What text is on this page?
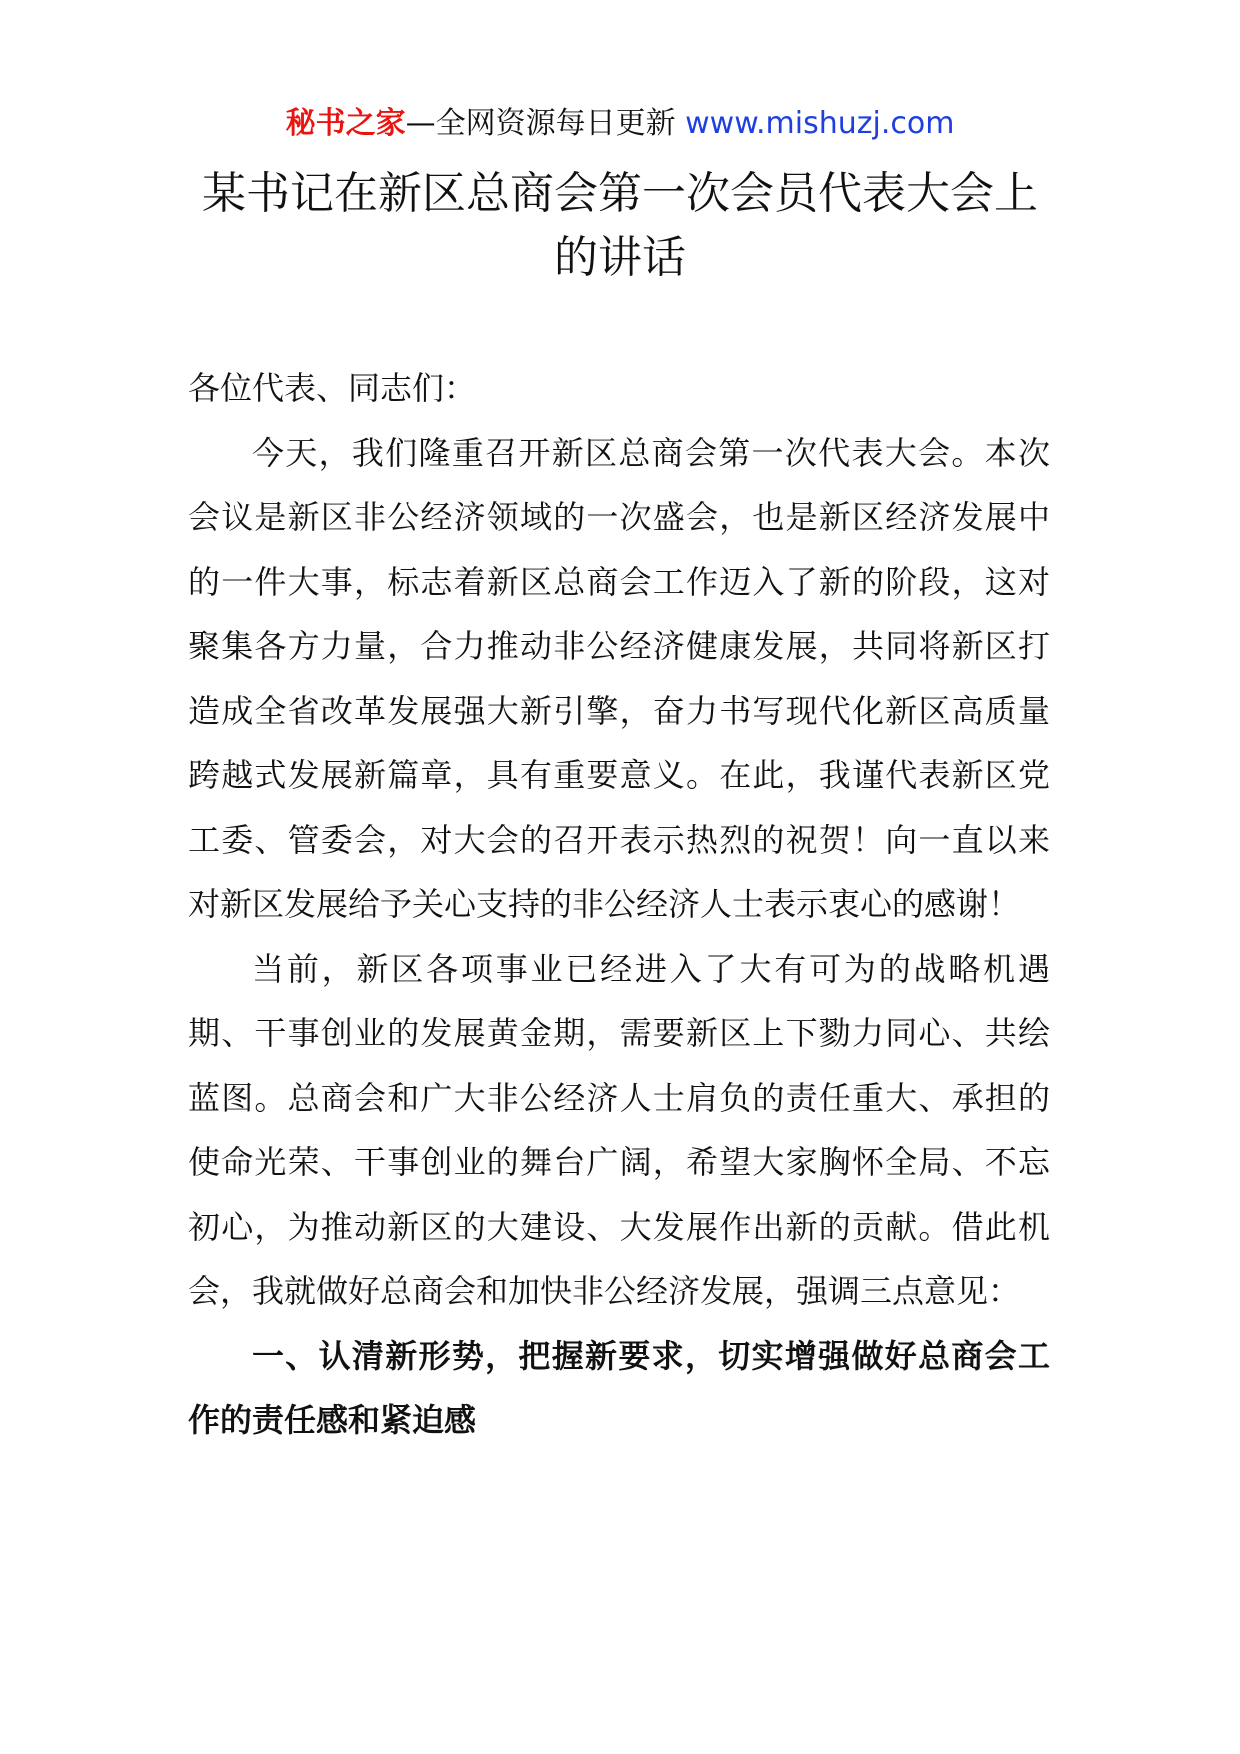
秘书之家—全网资源每日更新 www.mishuzj.com
某书记在新区总商会第一次会员代表大会上的讲话

各位代表、同志们：

今天，我们隆重召开新区总商会第一次代表大会。本次会议是新区非公经济领域的一次盛会，也是新区经济发展中的一件大事，标志着新区总商会工作迈入了新的阶段，这对聚集各方力量，合力推动非公经济健康发展，共同将新区打造成全省改革发展强大新引擎，奋力书写现代化新区高质量跨越式发展新篇章，具有重要意义。在此，我谨代表新区党工委、管委会，对大会的召开表示热烈的祝贺！向一直以来对新区发展给予关心支持的非公经济人士表示衷心的感谢！

当前，新区各项事业已经进入了大有可为的战略机遇期、干事创业的发展黄金期，需要新区上下勠力同心、共绘蓝图。总商会和广大非公经济人士肩负的责任重大、承担的使命光荣、干事创业的舞台广阔，希望大家胸怀全局、不忘初心，为推动新区的大建设、大发展作出新的贡献。借此机会，我就做好总商会和加快非公经济发展，强调三点意见：

一、认清新形势，把握新要求，切实增强做好总商会工作的责任感和紧迫感
